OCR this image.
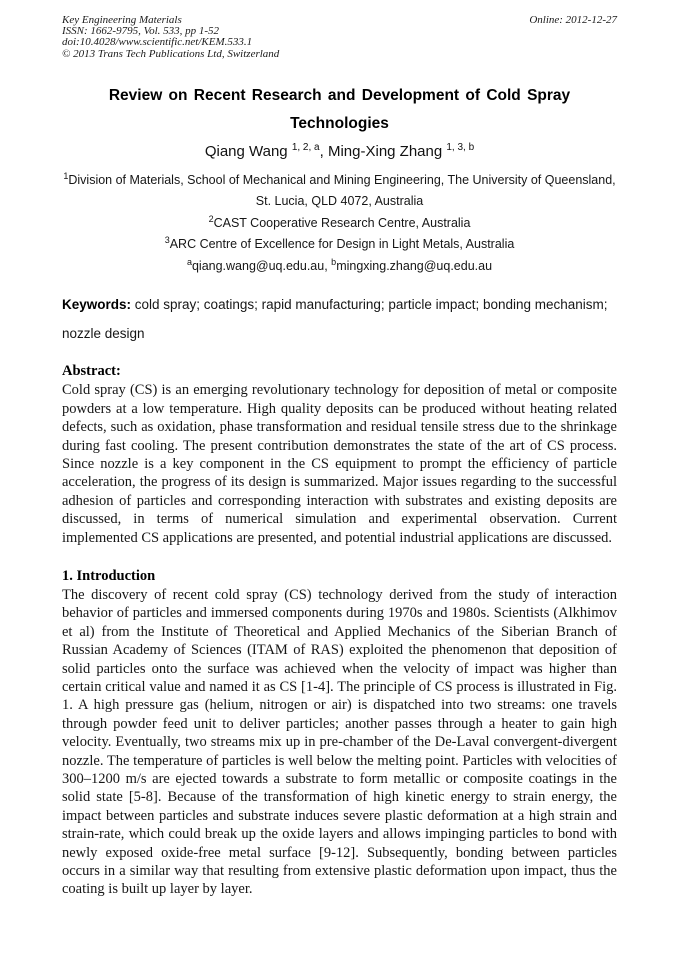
Key Engineering Materials
ISSN: 1662-9795, Vol. 533, pp 1-52
doi:10.4028/www.scientific.net/KEM.533.1
© 2013 Trans Tech Publications Ltd, Switzerland
Online: 2012-12-27
Review on Recent Research and Development of Cold Spray Technologies

Qiang Wang $^{1, 2, a}$, Ming-Xing Zhang $^{1, 3, b}$

$^1$Division of Materials, School of Mechanical and Mining Engineering, The University of Queensland, St. Lucia, QLD 4072, Australia

$^2$CAST Cooperative Research Centre, Australia

$^3$ARC Centre of Excellence for Design in Light Metals, Australia

$^a$qiang.wang@uq.edu.au, $^b$mingxing.zhang@uq.edu.au

Keywords: cold spray; coatings; rapid manufacturing; particle impact; bonding mechanism; nozzle design

Abstract:

Cold spray (CS) is an emerging revolutionary technology for deposition of metal or composite powders at a low temperature. High quality deposits can be produced without heating related defects, such as oxidation, phase transformation and residual tensile stress due to the shrinkage during fast cooling. The present contribution demonstrates the state of the art of CS process. Since nozzle is a key component in the CS equipment to prompt the efficiency of particle acceleration, the progress of its design is summarized. Major issues regarding to the successful adhesion of particles and corresponding interaction with substrates and existing deposits are discussed, in terms of numerical simulation and experimental observation. Current implemented CS applications are presented, and potential industrial applications are discussed.

1. Introduction

The discovery of recent cold spray (CS) technology derived from the study of interaction behavior of particles and immersed components during 1970s and 1980s. Scientists (Alkhimov et al) from the Institute of Theoretical and Applied Mechanics of the Siberian Branch of Russian Academy of Sciences (ITAM of RAS) exploited the phenomenon that deposition of solid particles onto the surface was achieved when the velocity of impact was higher than certain critical value and named it as CS [1-4]. The principle of CS process is illustrated in Fig. 1. A high pressure gas (helium, nitrogen or air) is dispatched into two streams: one travels through powder feed unit to deliver particles; another passes through a heater to gain high velocity. Eventually, two streams mix up in pre-chamber of the De-Laval convergent-divergent nozzle. The temperature of particles is well below the melting point. Particles with velocities of 300–1200 m/s are ejected towards a substrate to form metallic or composite coatings in the solid state [5-8]. Because of the transformation of high kinetic energy to strain energy, the impact between particles and substrate induces severe plastic deformation at a high strain and strain-rate, which could break up the oxide layers and allows impinging particles to bond with newly exposed oxide-free metal surface [9-12]. Subsequently, bonding between particles occurs in a similar way that resulting from extensive plastic deformation upon impact, thus the coating is built up layer by layer.
